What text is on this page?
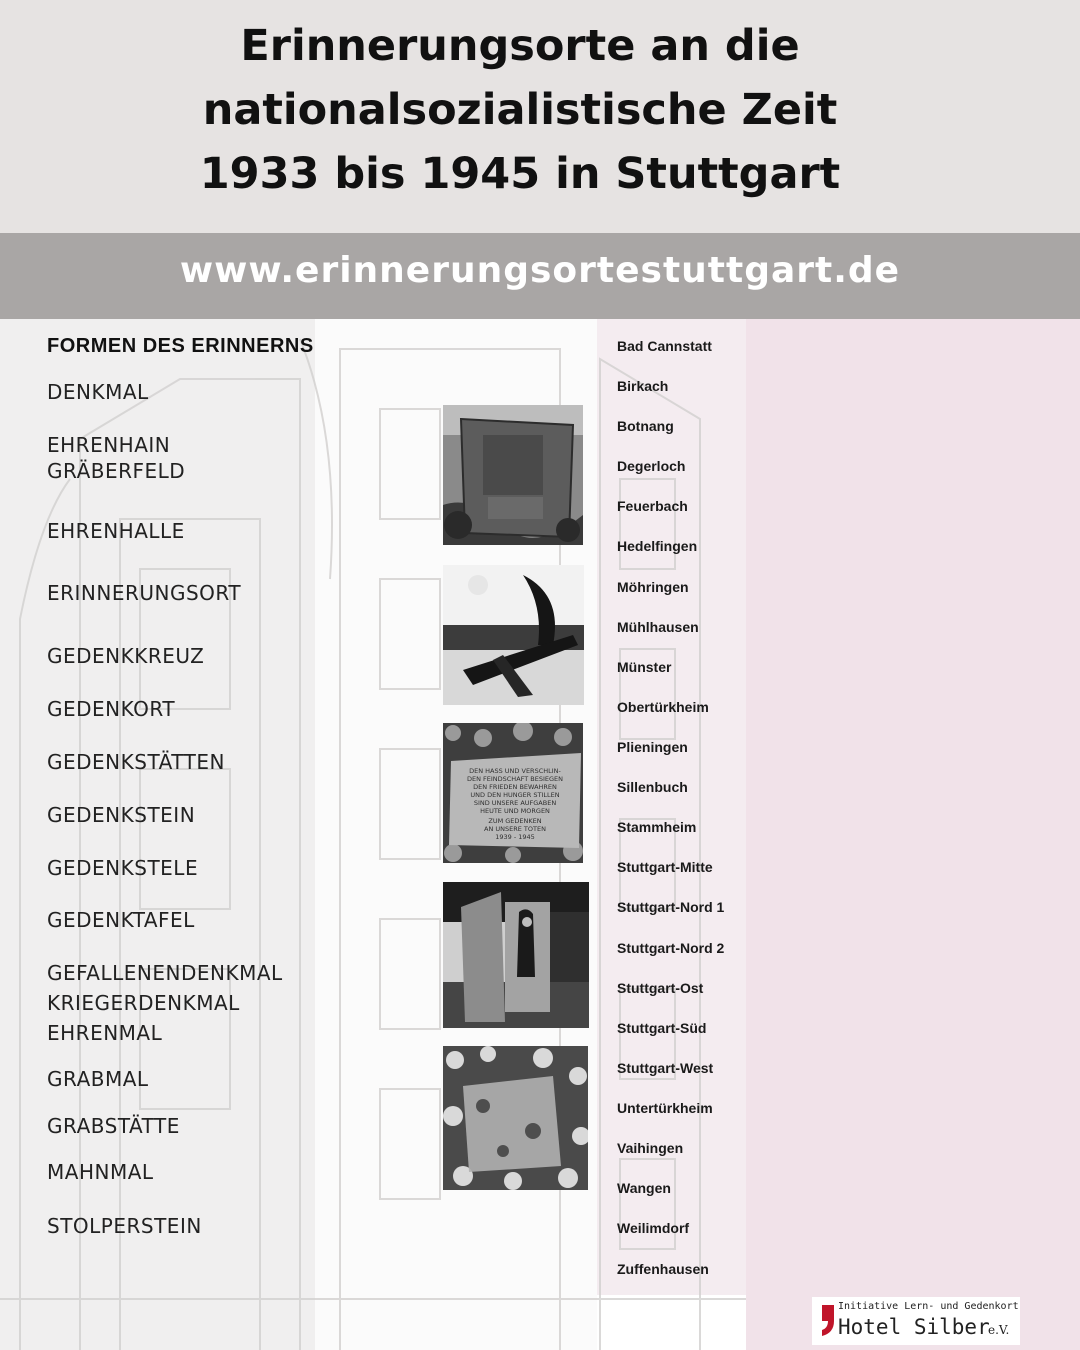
Erinnerungsorte an die
nationalsozialistische Zeit
1933 bis 1945 in Stuttgart
www.erinnerungsortestuttgart.de
FORMEN DES ERINNERNS
DENKMAL
EHRENHAIN
GRÄBERFELD
EHRENHALLE
ERINNERUNGSORT
GEDENKKREUZ
GEDENKORT
GEDENKSTÄTTEN
GEDENKSTEIN
GEDENKSTELE
GEDENKTAFEL
GEFALLENENDENKMAL
KRIEGERDENKMAL
EHRENMAL
GRABMAL
GRABSTÄTTE
MAHNMAL
STOLPERSTEIN
DEN HASS UND VERSCHLIN-
DEN FEINDSCHAFT BESIEGEN
DEN FRIEDEN BEWAHREN
UND DEN HUNGER STILLEN
SIND UNSERE AUFGABEN
HEUTE UND MORGEN
ZUM GEDENKEN
AN UNSERE TOTEN
1939 - 1945
Bad Cannstatt
Birkach
Botnang
Degerloch
Feuerbach
Hedelfingen
Möhringen
Mühlhausen
Münster
Obertürkheim
Plieningen
Sillenbuch
Stammheim
Stuttgart-Mitte
Stuttgart-Nord 1
Stuttgart-Nord 2
Stuttgart-Ost
Stuttgart-Süd
Stuttgart-West
Untertürkheim
Vaihingen
Wangen
Weilimdorf
Zuffenhausen
Initiative Lern- und Gedenkort
Hotel Silber
e.V.
